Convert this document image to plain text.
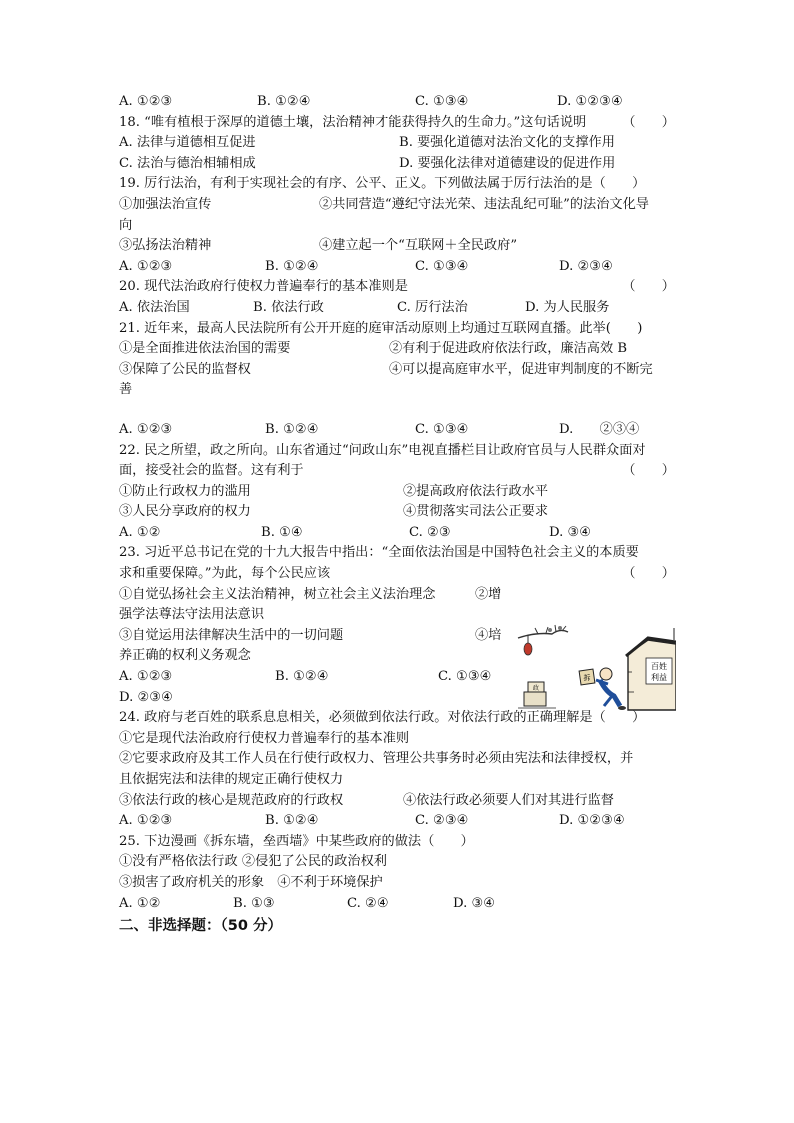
A. ①②③	B. ①②④	C. ①③④	D. ①②③④
18. “唯有植根于深厚的道德土壤，法治精神才能获得持久的生命力。”这句话说明	（　　）
A. 法律与道德相互促进	B. 要强化道德对法治文化的支撑作用
C. 法治与德治相辅相成	D. 要强化法律对道德建设的促进作用
19. 厉行法治，有利于实现社会的有序、公平、正义。下列做法属于厉行法治的是（　　）
①加强法治宣传	②共同营造“遵纪守法光荣、违法乱纪可耻”的法治文化导
向
③弘扬法治精神	④建立起一个“互联网＋全民政府”
A. ①②③	B. ①②④	C. ①③④	D. ②③④
20. 现代法治政府行使权力普遍奉行的基本准则是	（　　）
A. 依法治国	B. 依法行政	C. 厉行法治	D. 为人民服务
21. 近年来，最高人民法院所有公开开庭的庭审活动原则上均通过互联网直播。此举(　　)
①是全面推进依法治国的需要	②有利于促进政府依法行政，廉洁高效 B
③保障了公民的监督权	④可以提高庭审水平，促进审判制度的不断完
善
A. ①②③	B. ①②④	C. ①③④	D.　　②③④
22. 民之所望，政之所向。山东省通过“问政山东”电视直播栏目让政府官员与人民群众面对
面，接受社会的监督。这有利于	（　　）
①防止行政权力的滥用	②提高政府依法行政水平
③人民分享政府的权力	④贯彻落实司法公正要求
A. ①②	B. ①④	C. ②③	D. ③④
23. 习近平总书记在党的十九大报告中指出：“全面依法治国是中国特色社会主义的本质要
求和重要保障。”为此，每个公民应该	（　　）
①自觉弘扬社会主义法治精神，树立社会主义法治理念	②增
强学法尊法守法用法意识
③自觉运用法律解决生活中的一切问题	④培
养正确的权利义务观念
A. ①②③	B. ①②④	C. ①③④
D. ②③④
24. 政府与老百姓的联系息息相关，必须做到依法行政。对依法行政的正确理解是（　　）
①它是现代法治政府行使权力普遍奉行的基本准则
②它要求政府及其工作人员在行使行政权力、管理公共事务时必须由宪法和法律授权，并
且依据宪法和法律的规定正确行使权力
③依法行政的核心是规范政府的行政权	④依法行政必须要人们对其进行监督
A. ①②③	B. ①②④	C. ②③④	D. ①②③④
25. 下边漫画《拆东墙，垒西墙》中某些政府的做法（　　）
①没有严格依法行政 ②侵犯了公民的政治权利
③损害了政府机关的形象　④不利于环境保护
A. ①②	B. ①③	C. ②④	D. ③④
二、非选择题：（50 分）
百姓
利益
拆
政
